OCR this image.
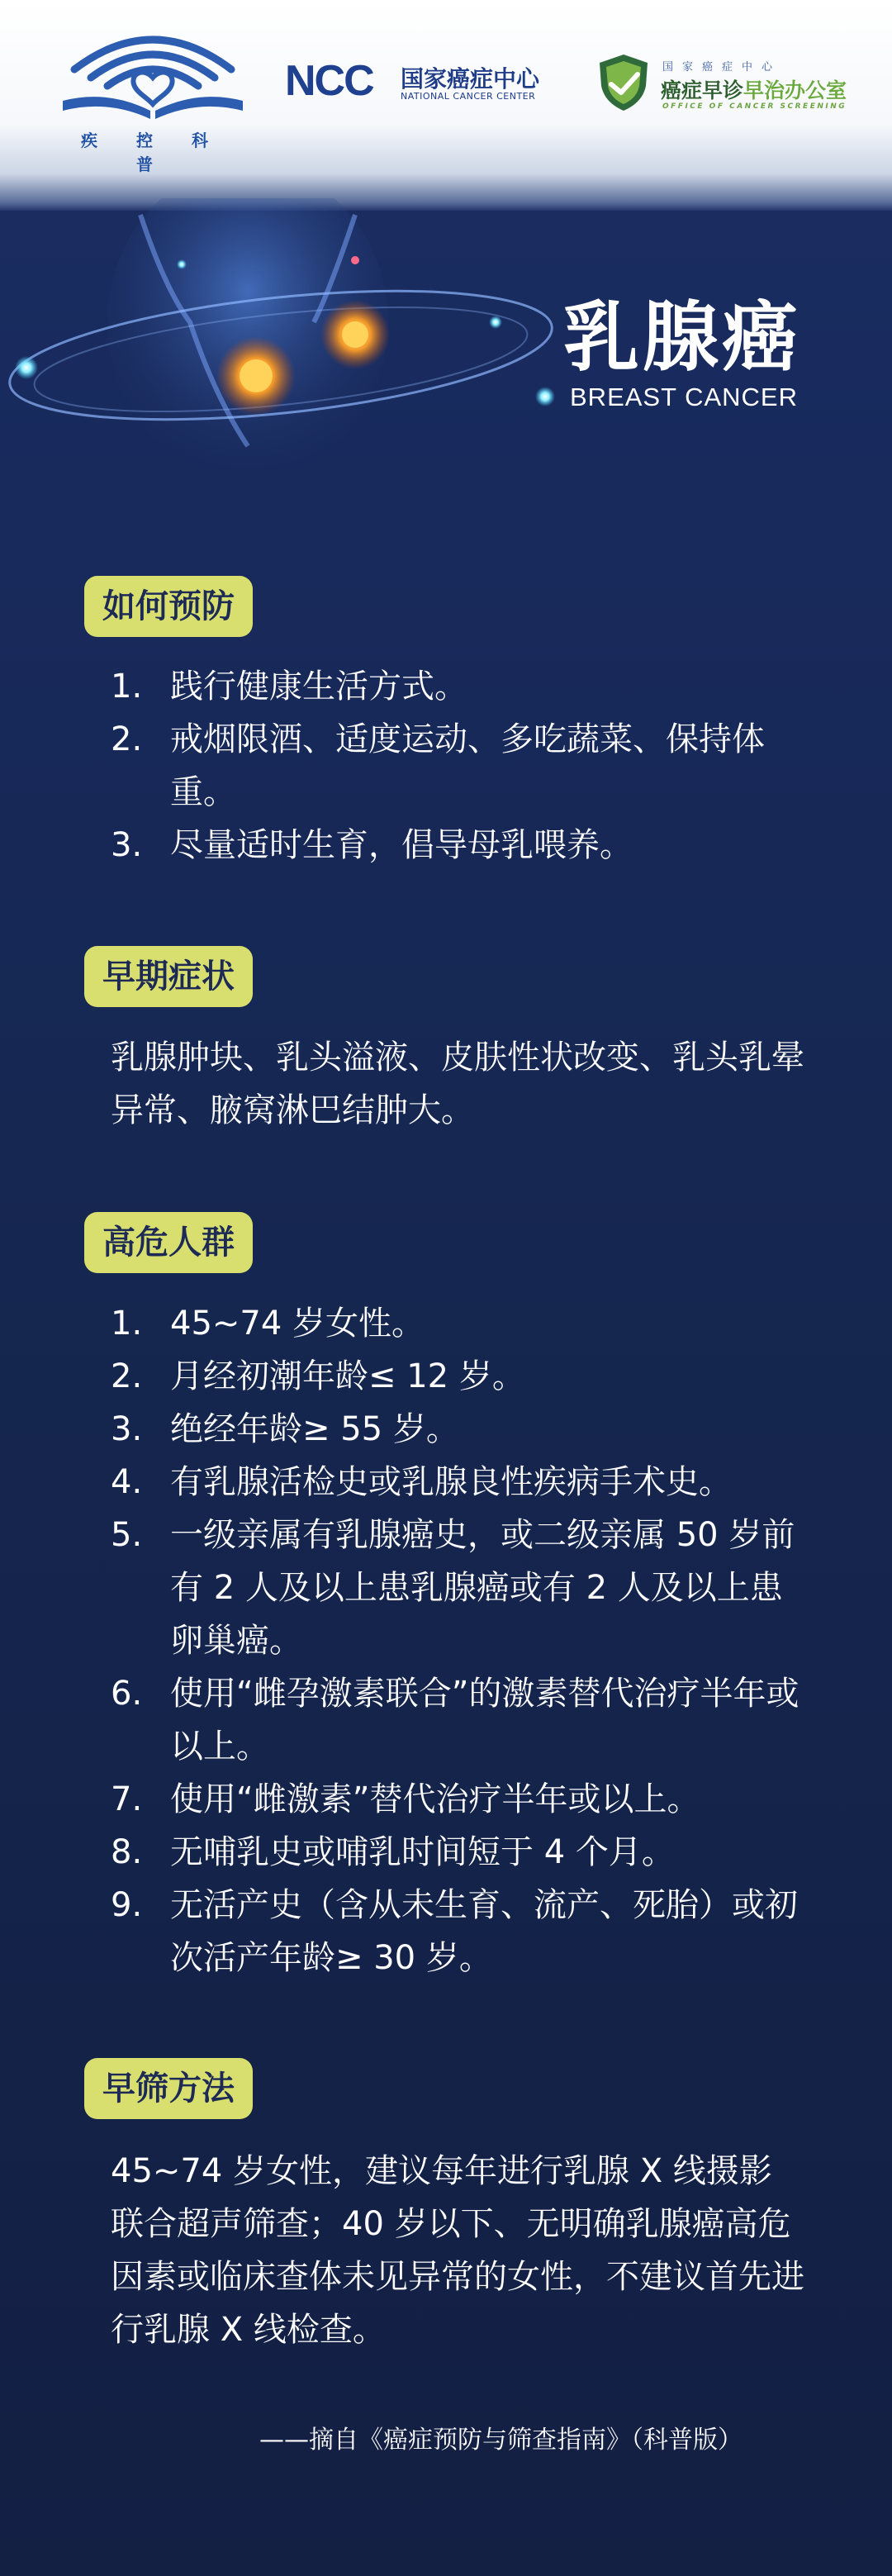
疾 控 科 普
NCC 国家癌症中心
NATIONAL CANCER CENTER
国家癌症中心
癌症早诊早治办公室
OFFICE OF CANCER SCREENING
乳腺癌
BREAST CANCER
如何预防
1. 践行健康生活方式。
2. 戒烟限酒、适度运动、多吃蔬菜、保持体重。
3. 尽量适时生育，倡导母乳喂养。
早期症状

乳腺肿块、乳头溢液、皮肤性状改变、乳头乳晕异常、腋窝淋巴结肿大。

高危人群
1. 45~74 岁女性。
2. 月经初潮年龄≤ 12 岁。
3. 绝经年龄≥ 55 岁。
4. 有乳腺活检史或乳腺良性疾病手术史。
5. 一级亲属有乳腺癌史，或二级亲属 50 岁前有 2 人及以上患乳腺癌或有 2 人及以上患卵巢癌。
6. 使用“雌孕激素联合”的激素替代治疗半年或以上。
7. 使用“雌激素”替代治疗半年或以上。
8. 无哺乳史或哺乳时间短于 4 个月。
9. 无活产史（含从未生育、流产、死胎）或初次活产年龄≥ 30 岁。
早筛方法

45~74 岁女性，建议每年进行乳腺 X 线摄影联合超声筛查；40 岁以下、无明确乳腺癌高危因素或临床查体未见异常的女性，不建议首先进行乳腺 X 线检查。

——摘自《癌症预防与筛查指南》（科普版）
